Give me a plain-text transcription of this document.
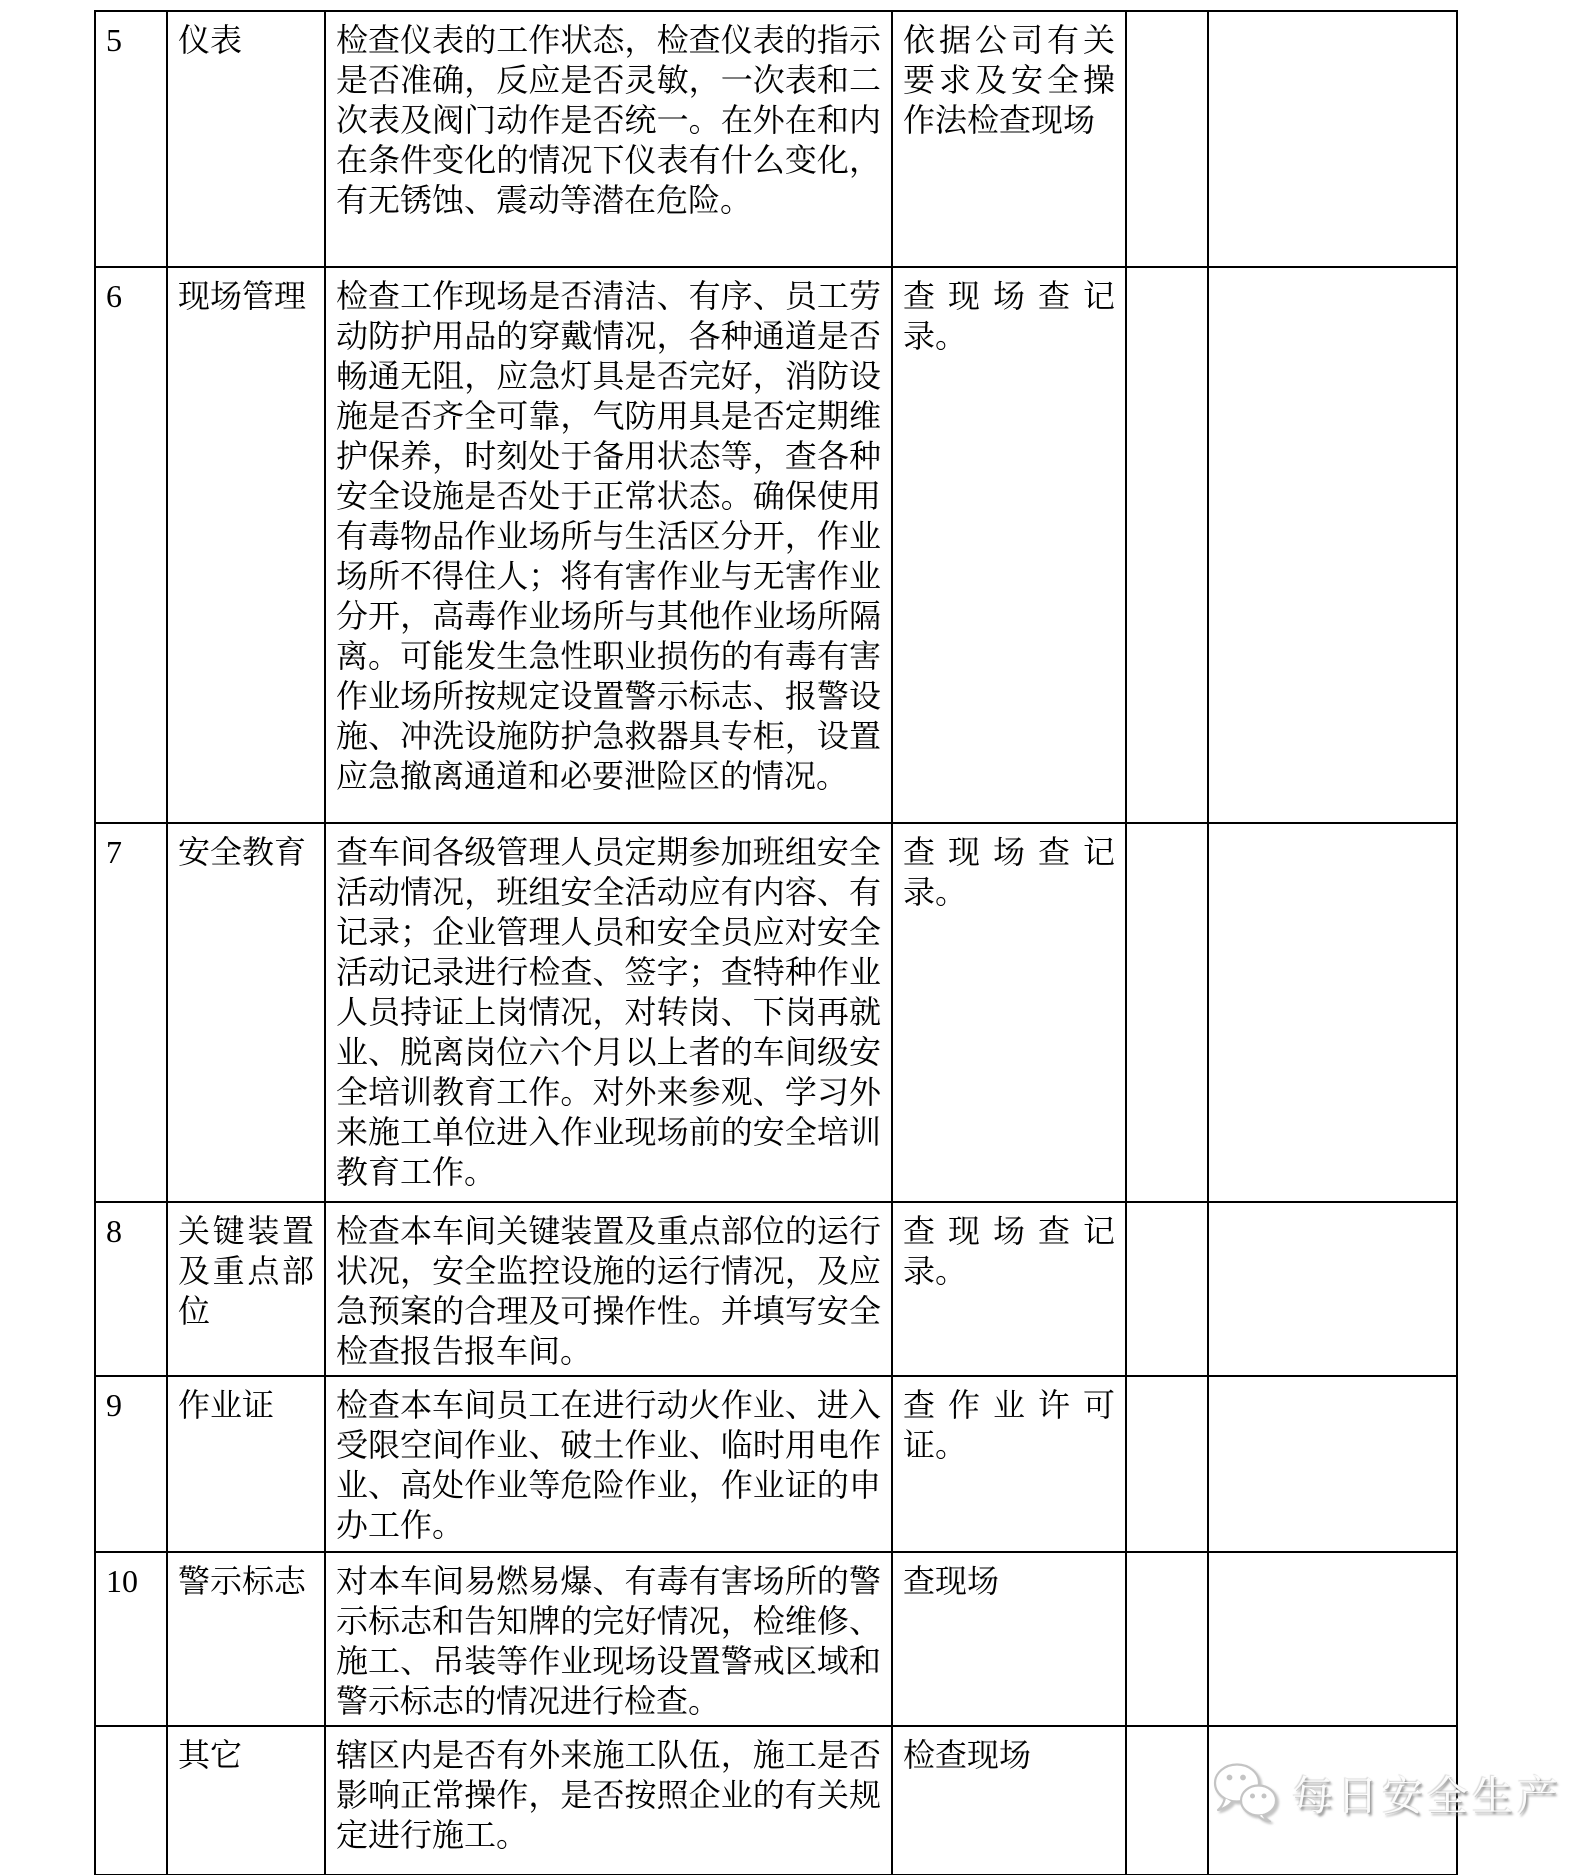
5	仪表	检查仪表的工作状态，检查仪表的指示是否准确，反应是否灵敏，一次表和二次表及阀门动作是否统一。在外在和内在条件变化的情况下仪表有什么变化，有无锈蚀、震动等潜在危险。	依据公司有关要求及安全操作法检查现场		
6	现场管理	检查工作现场是否清洁、有序、员工劳动防护用品的穿戴情况，各种通道是否畅通无阻，应急灯具是否完好，消防设施是否齐全可靠，气防用具是否定期维护保养，时刻处于备用状态等，查各种安全设施是否处于正常状态。确保使用有毒物品作业场所与生活区分开，作业场所不得住人；将有害作业与无害作业分开，高毒作业场所与其他作业场所隔离。可能发生急性职业损伤的有毒有害作业场所按规定设置警示标志、报警设施、冲洗设施防护急救器具专柜，设置应急撤离通道和必要泄险区的情况。	查现场查记录。		
7	安全教育	查车间各级管理人员定期参加班组安全活动情况，班组安全活动应有内容、有记录；企业管理人员和安全员应对安全活动记录进行检查、签字；查特种作业人员持证上岗情况，对转岗、下岗再就业、脱离岗位六个月以上者的车间级安全培训教育工作。对外来参观、学习外来施工单位进入作业现场前的安全培训教育工作。	查现场查记录。		
8	关键装置及重点部位	检查本车间关键装置及重点部位的运行状况，安全监控设施的运行情况，及应急预案的合理及可操作性。并填写安全检查报告报车间。	查现场查记录。		
9	作业证	检查本车间员工在进行动火作业、进入受限空间作业、破土作业、临时用电作业、高处作业等危险作业，作业证的申办工作。	查作业许可证。		
10	警示标志	对本车间易燃易爆、有毒有害场所的警示标志和告知牌的完好情况，检维修、施工、吊装等作业现场设置警戒区域和警示标志的情况进行检查。	查现场		
	其它	辖区内是否有外来施工队伍，施工是否影响正常操作，是否按照企业的有关规定进行施工。	检查现场		
每日安全生产
